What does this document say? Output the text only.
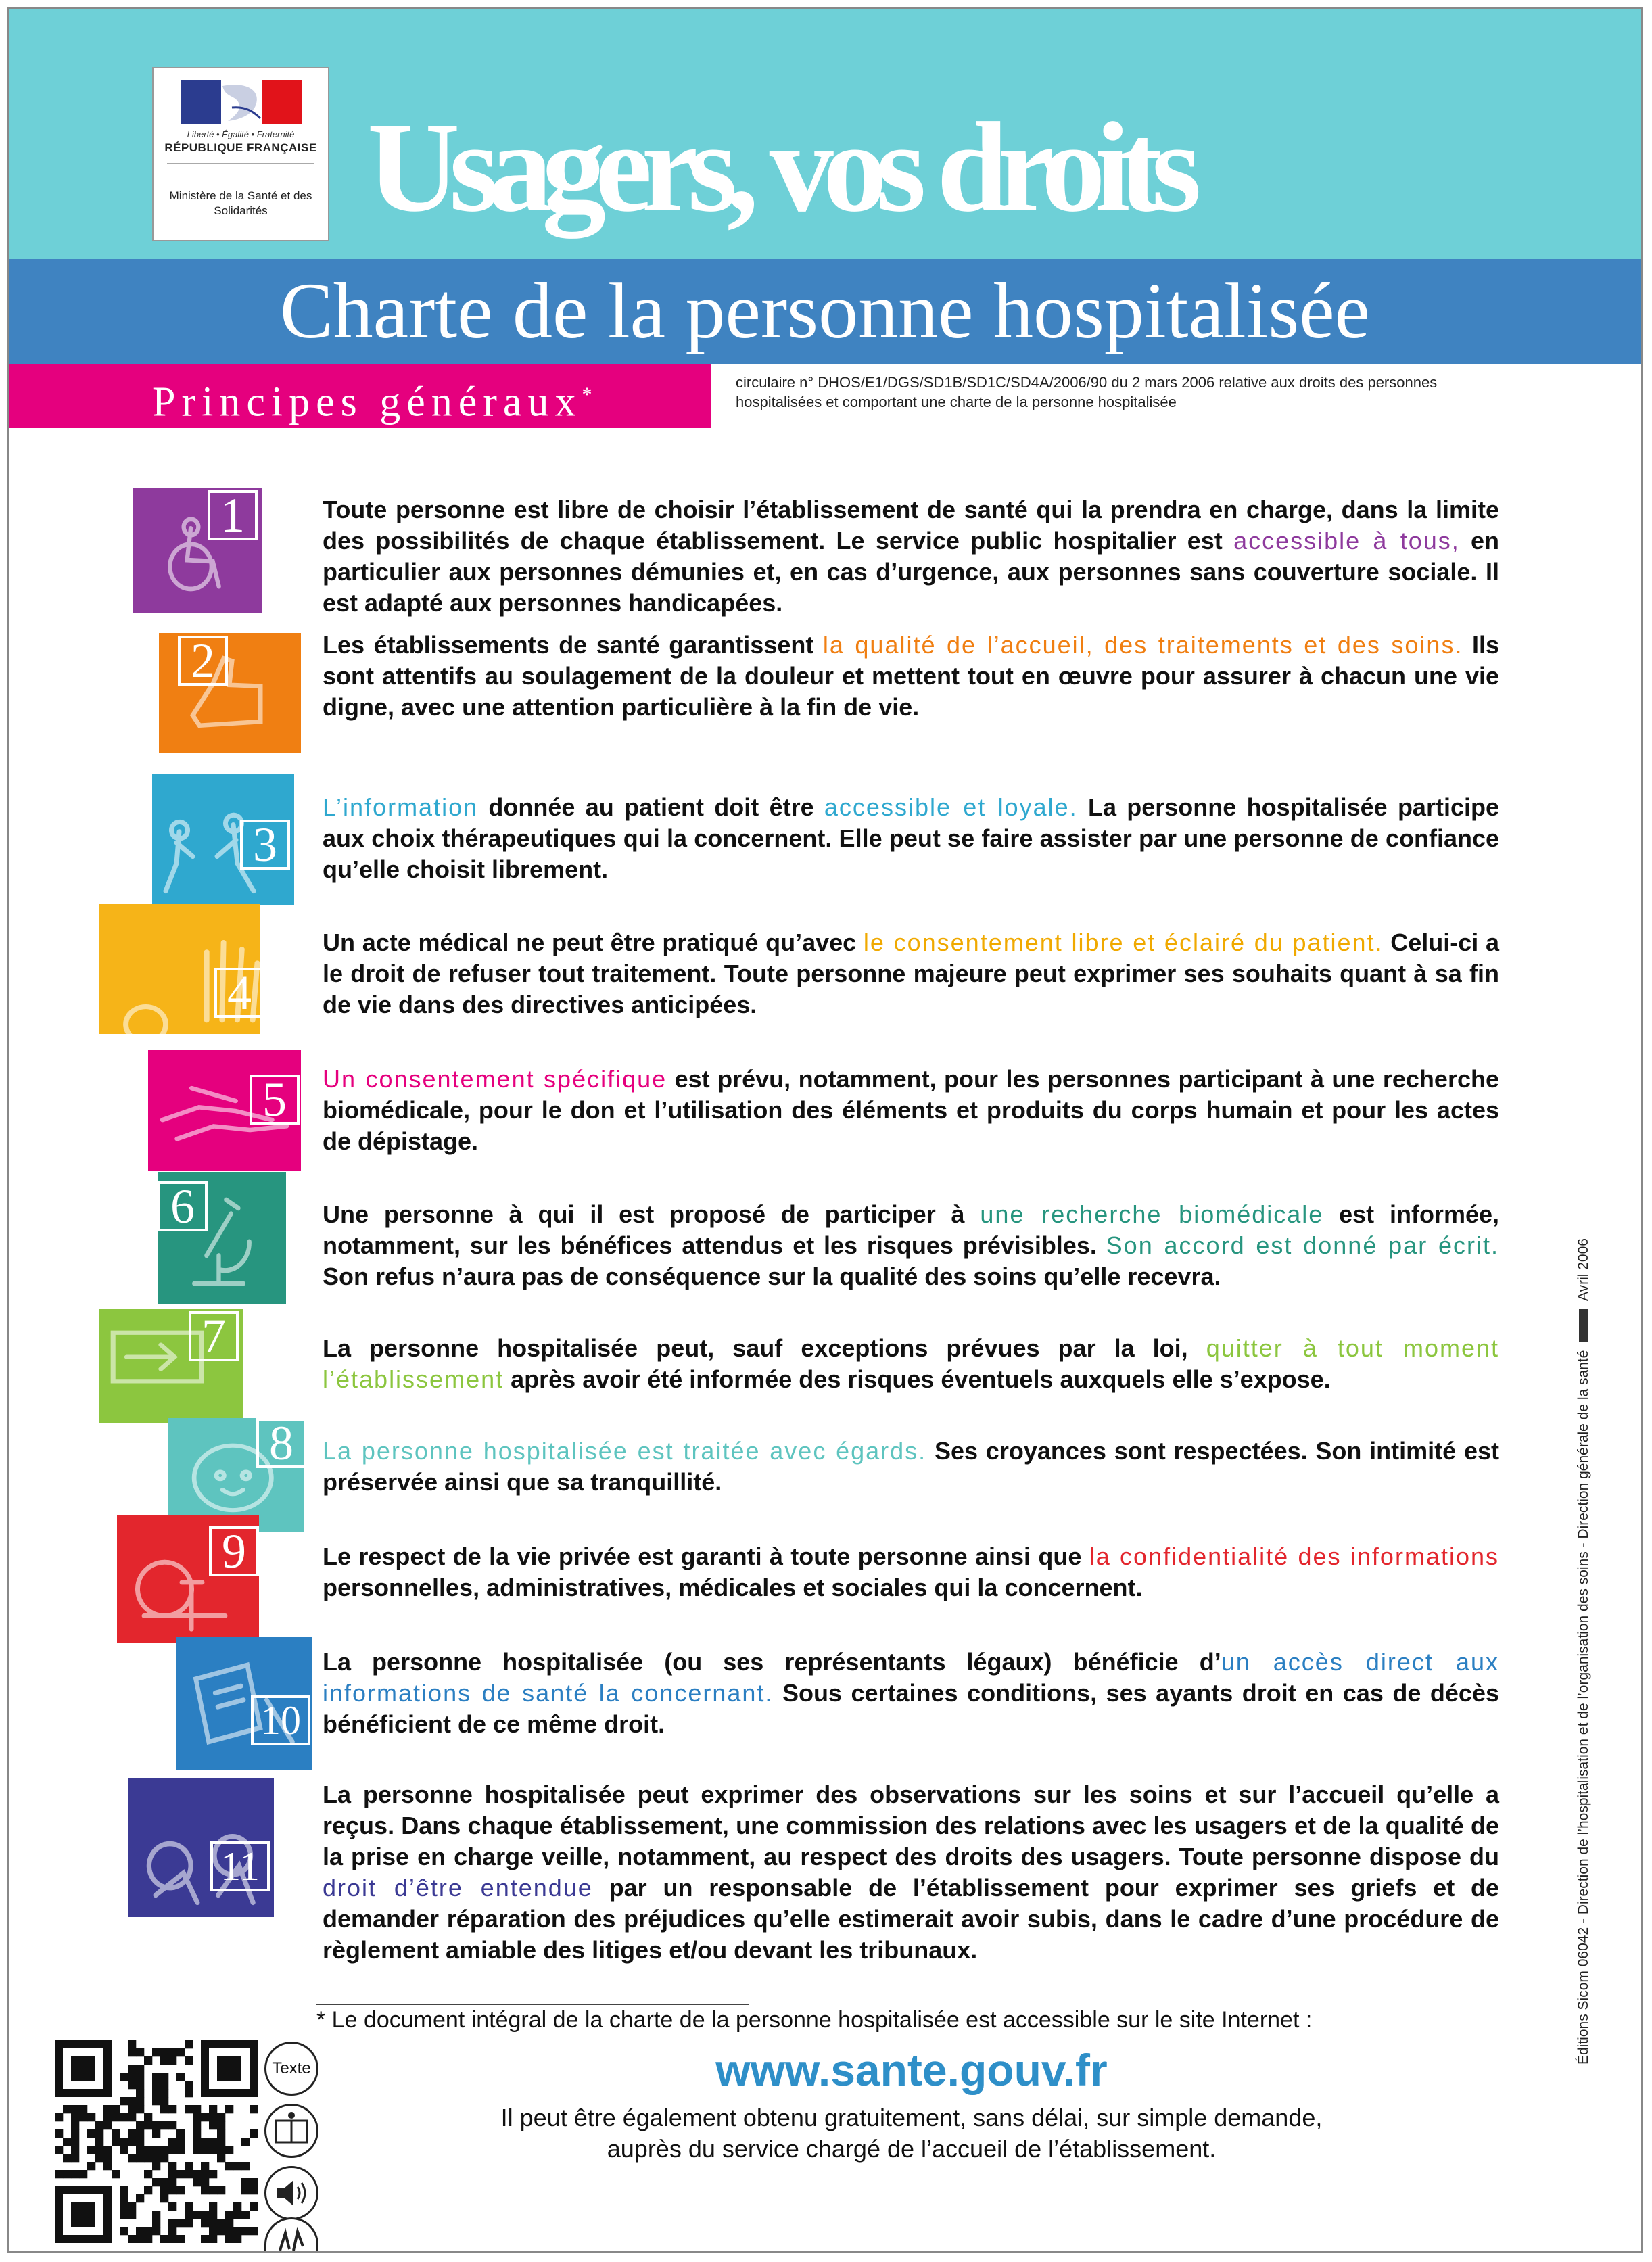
Liberté • Égalité • Fraternité
RÉPUBLIQUE FRANÇAISE
Ministère de la Santé et des Solidarités Usagers, vos droits
Charte de la personne hospitalisée
Principes généraux*
circulaire n° DHOS/E1/DGS/SD1B/SD1C/SD4A/2006/90 du 2 mars 2006 relative aux droits des personnes hospitalisées et comportant une charte de la personne hospitalisée
1	Toute personne est libre de choisir l’établissement de santé qui la prendra en charge, dans la limite des possibilités de chaque établissement. Le service public hospitalier est accessible à tous, en particulier aux personnes démunies et, en cas d’urgence, aux personnes sans couverture sociale. Il est adapté aux personnes handicapées.
2	Les établissements de santé garantissent la qualité de l’accueil, des traitements et des soins. Ils sont attentifs au soulagement de la douleur et mettent tout en œuvre pour assurer à chacun une vie digne, avec une attention particulière à la fin de vie.
3
L’information donnée au patient doit être accessible et loyale. La personne hospitalisée participe aux choix thérapeutiques qui la concernent. Elle peut se faire assister par une personne de confiance qu’elle choisit librement.
4
Un acte médical ne peut être pratiqué qu’avec le consentement libre et éclairé du patient. Celui-ci a le droit de refuser tout traitement. Toute personne majeure peut exprimer ses souhaits quant à sa fin de vie dans des directives anticipées.
5	Un consentement spécifique est prévu, notamment, pour les personnes participant à une recherche biomédicale, pour le don et l’utilisation des éléments et produits du corps humain et pour les actes de dépistage.
6	Une personne à qui il est proposé de participer à une recherche biomédicale est informée, notamment, sur les bénéfices attendus et les risques prévisibles. Son accord est donné par écrit. Son refus n’aura pas de conséquence sur la qualité des soins qu’elle recevra.
7	La personne hospitalisée peut, sauf exceptions prévues par la loi, quitter à tout moment l’établissement après avoir été informée des risques éventuels auxquels elle s’expose.
8	La personne hospitalisée est traitée avec égards. Ses croyances sont respectées. Son intimité est préservée ainsi que sa tranquillité.
9	Le respect de la vie privée est garanti à toute personne ainsi que la confidentialité des informations personnelles, administratives, médicales et sociales qui la concernent.
10
La personne hospitalisée (ou ses représentants légaux) bénéficie d’un accès direct aux informations de santé la concernant. Sous certaines conditions, ses ayants droit en cas de décès bénéficient de ce même droit.
11
La personne hospitalisée peut exprimer des observations sur les soins et sur l’accueil qu’elle a reçus. Dans chaque établissement, une commission des relations avec les usagers et de la qualité de la prise en charge veille, notamment, au respect des droits des usagers. Toute personne dispose du droit d’être entendue par un responsable de l’établissement pour exprimer ses griefs et de demander réparation des préjudices qu’elle estimerait avoir subis, dans le cadre d’une procédure de règlement amiable des litiges et/ou devant les tribunaux.
* Le document intégral de la charte de la personne hospitalisée est accessible sur le site Internet :
www.sante.gouv.fr
Il peut être également obtenu gratuitement, sans délai, sur simple demande,
auprès du service chargé de l’accueil de l’établissement.
Texte
Éditions Sicom 06042 - Direction de l’hospitalisation et de l’organisation des soins - Direction générale de la santé  Avril 2006
